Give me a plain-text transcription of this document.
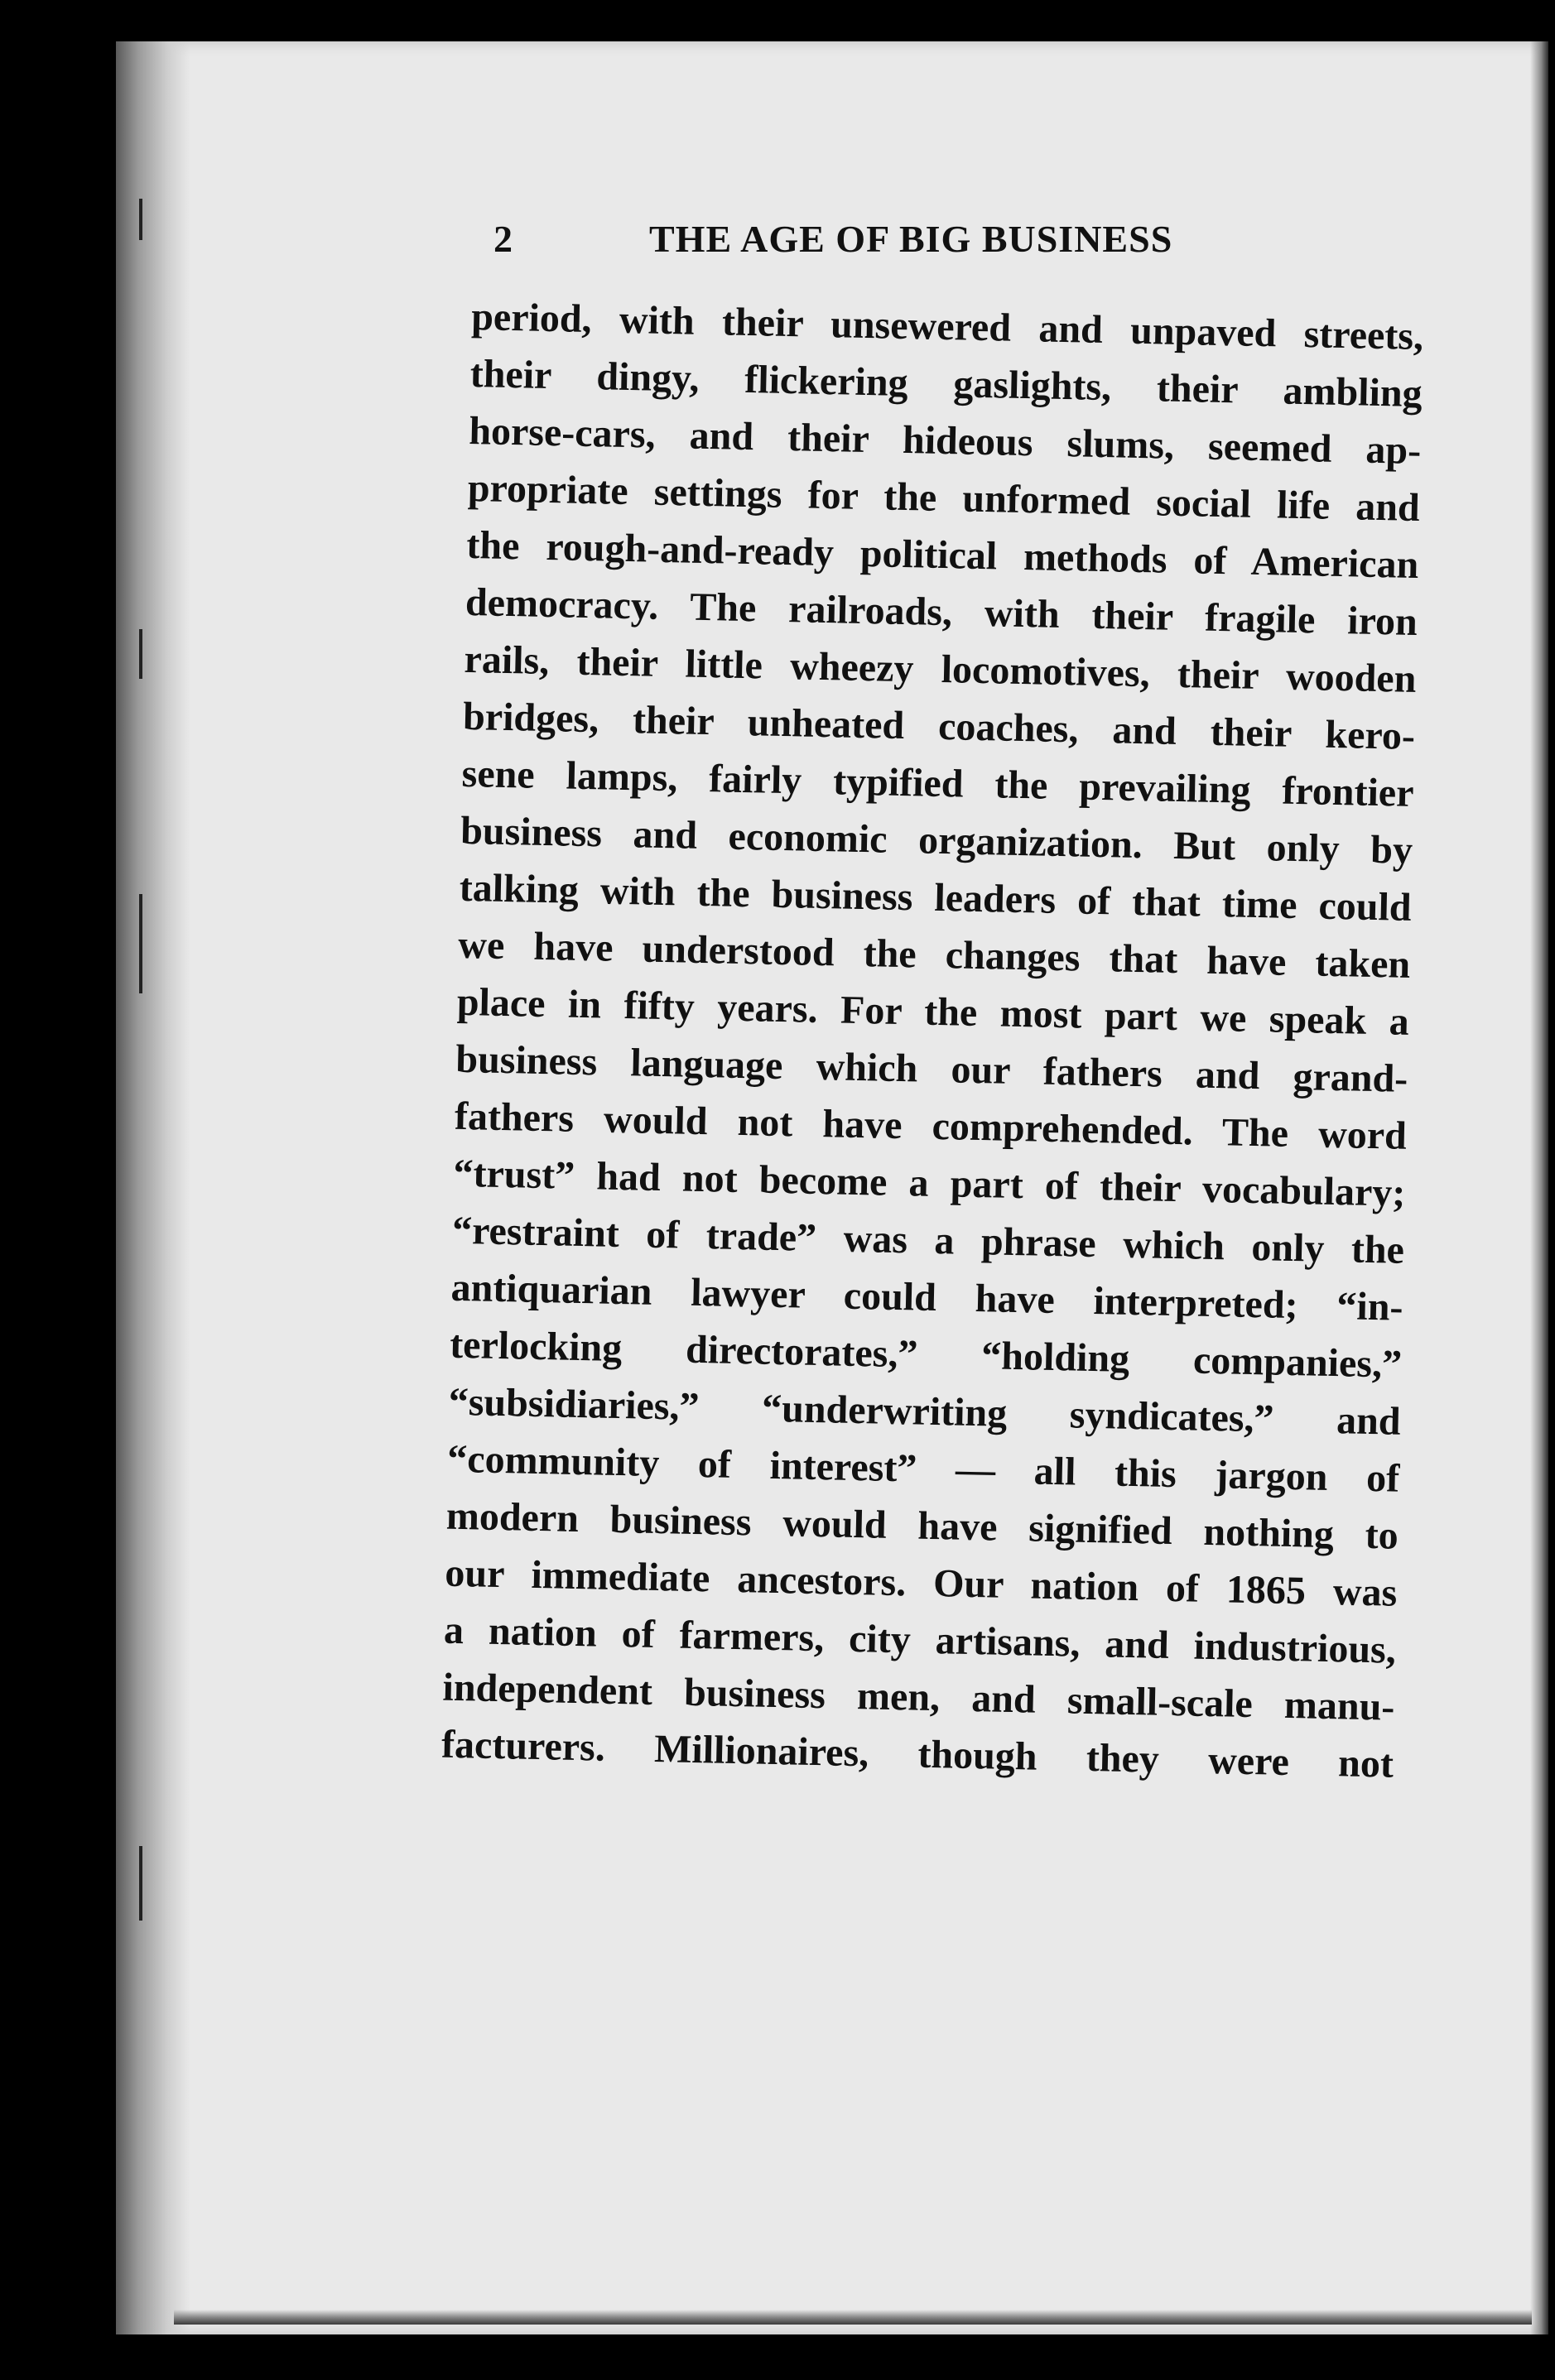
2	THE AGE OF BIG BUSINESS
period, with their unsewered and unpaved streets,
their dingy, flickering gaslights, their ambling
horse-cars, and their hideous slums, seemed ap-
propriate settings for the unformed social life and
the rough-and-ready political methods of American
democracy. The railroads, with their fragile iron
rails, their little wheezy locomotives, their wooden
bridges, their unheated coaches, and their kero-
sene lamps, fairly typified the prevailing frontier
business and economic organization. But only by
talking with the business leaders of that time could
we have understood the changes that have taken
place in fifty years. For the most part we speak a
business language which our fathers and grand-
fathers would not have comprehended. The word
“trust” had not become a part of their vocabulary;
“restraint of trade” was a phrase which only the
antiquarian lawyer could have interpreted; “in-
terlocking directorates,” “holding companies,”
“subsidiaries,” “underwriting syndicates,” and
“community of interest” — all this jargon of
modern business would have signified nothing to
our immediate ancestors. Our nation of 1865 was
a nation of farmers, city artisans, and industrious,
independent business men, and small-scale manu-
facturers. Millionaires, though they were not
